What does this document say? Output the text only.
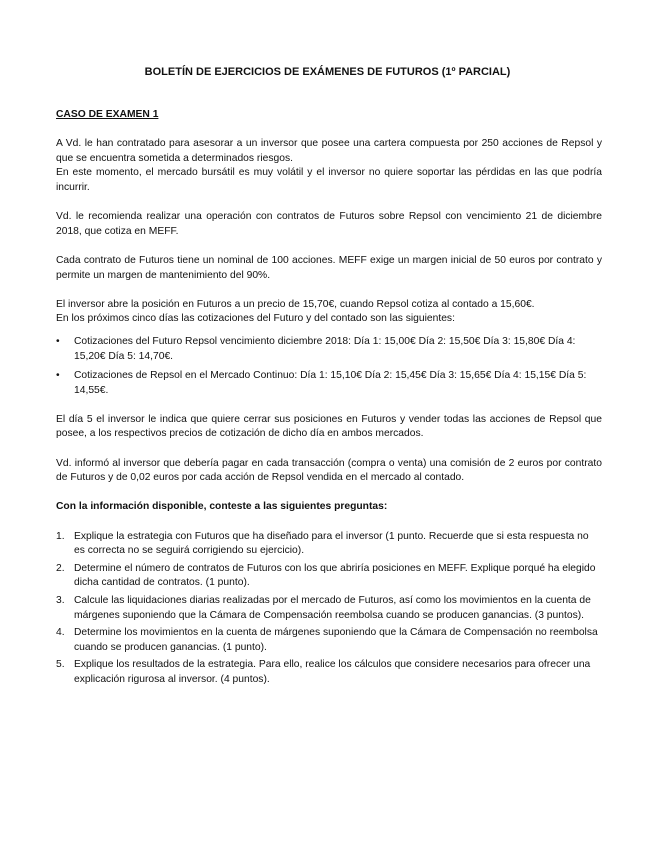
BOLETÍN DE EJERCICIOS DE EXÁMENES DE FUTUROS (1º PARCIAL)

CASO DE EXAMEN 1

A Vd. le han contratado para asesorar a un inversor que posee una cartera compuesta por 250 acciones de Repsol y que se encuentra sometida a determinados riesgos.

En este momento, el mercado bursátil es muy volátil y el inversor no quiere soportar las pérdidas en las que podría incurrir.

Vd. le recomienda realizar una operación con contratos de Futuros sobre Repsol con vencimiento 21 de diciembre 2018, que cotiza en MEFF.

Cada contrato de Futuros tiene un nominal de 100 acciones. MEFF exige un margen inicial de 50 euros por contrato y permite un margen de mantenimiento del 90%.

El inversor abre la posición en Futuros a un precio de 15,70€, cuando Repsol cotiza al contado a 15,60€.

En los próximos cinco días las cotizaciones del Futuro y del contado son las siguientes:

• Cotizaciones del Futuro Repsol vencimiento diciembre 2018: Día 1: 15,00€ Día 2: 15,50€ Día 3: 15,80€ Día 4: 15,20€ Día 5: 14,70€.
• Cotizaciones de Repsol en el Mercado Continuo: Día 1: 15,10€ Día 2: 15,45€ Día 3: 15,65€ Día 4: 15,15€ Día 5: 14,55€.

El día 5 el inversor le indica que quiere cerrar sus posiciones en Futuros y vender todas las acciones de Repsol que posee, a los respectivos precios de cotización de dicho día en ambos mercados.

Vd. informó al inversor que debería pagar en cada transacción (compra o venta) una comisión de 2 euros por contrato de Futuros y de 0,02 euros por cada acción de Repsol vendida en el mercado al contado.

Con la información disponible, conteste a las siguientes preguntas:

1. Explique la estrategia con Futuros que ha diseñado para el inversor (1 punto. Recuerde que si esta respuesta no es correcta no se seguirá corrigiendo su ejercicio).
2. Determine el número de contratos de Futuros con los que abriría posiciones en MEFF. Explique porqué ha elegido dicha cantidad de contratos. (1 punto).
3. Calcule las liquidaciones diarias realizadas por el mercado de Futuros, así como los movimientos en la cuenta de márgenes suponiendo que la Cámara de Compensación reembolsa cuando se producen ganancias. (3 puntos).
4. Determine los movimientos en la cuenta de márgenes suponiendo que la Cámara de Compensación no reembolsa cuando se producen ganancias. (1 punto).
5. Explique los resultados de la estrategia. Para ello, realice los cálculos que considere necesarios para ofrecer una explicación rigurosa al inversor. (4 puntos).
